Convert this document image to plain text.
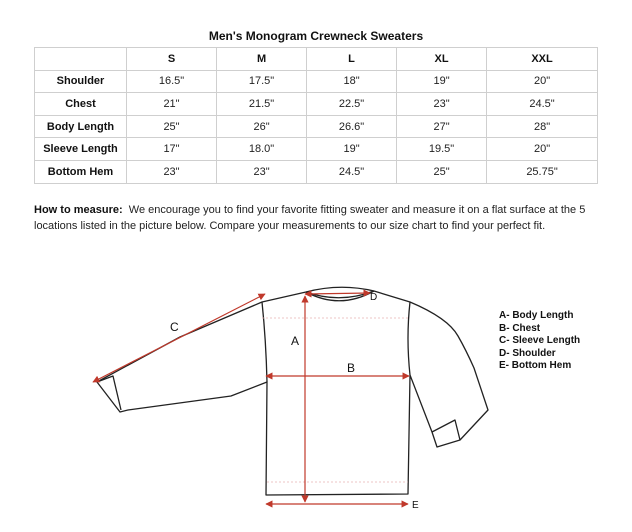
Men's Monogram Crewneck Sweaters
	S	M	L	XL	XXL
Shoulder	16.5"	17.5"	18"	19"	20"
Chest	21"	21.5"	22.5"	23"	24.5"
Body Length	25"	26"	26.6"	27"	28"
Sleeve Length	17"	18.0"	19"	19.5"	20"
Bottom Hem	23"	23"	24.5"	25"	25.75"
How to measure: We encourage you to find your favorite fitting sweater and measure it on a flat surface at the 5 locations listed in the picture below. Compare your measurements to our size chart to find your perfect fit.
A
B
C
D
E
A- Body Length
B- Chest
C- Sleeve Length
D- Shoulder
E- Bottom Hem
